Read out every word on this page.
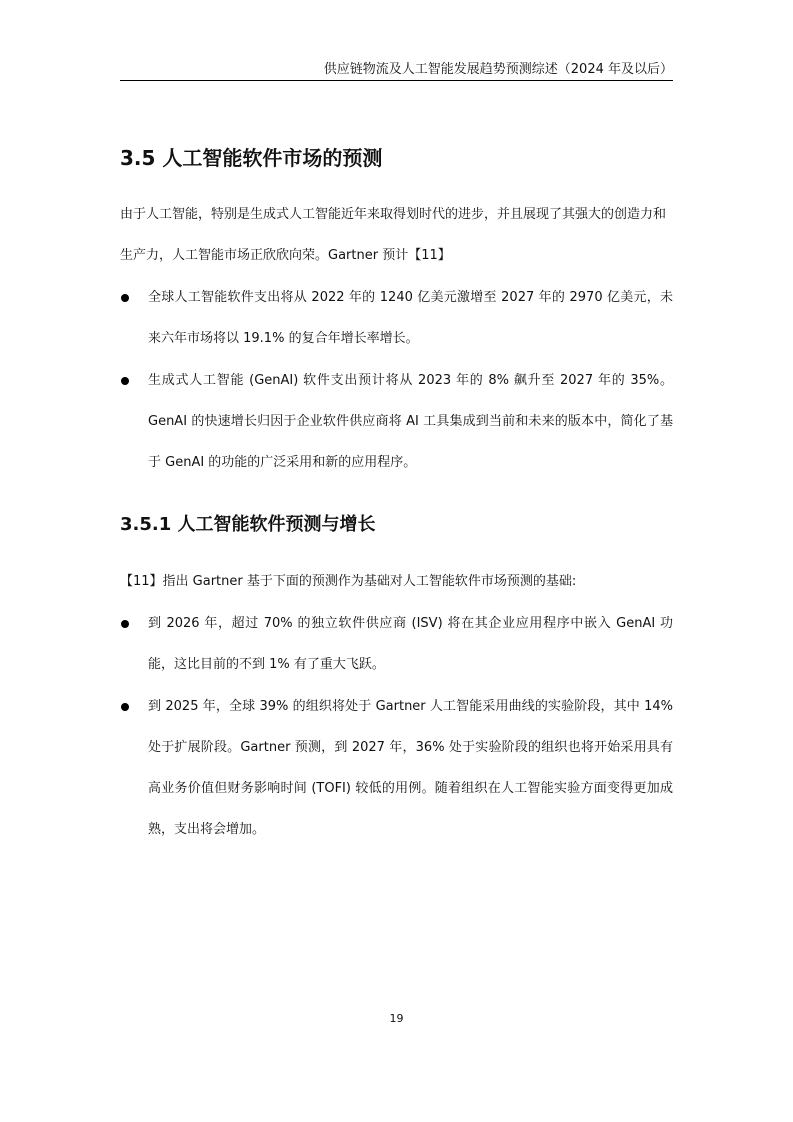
供应链物流及人工智能发展趋势预测综述（2024 年及以后）
3.5 人工智能软件市场的预测

由于人工智能，特别是生成式人工智能近年来取得划时代的进步，并且展现了其强大的创造力和生产力，人工智能市场正欣欣向荣。Gartner 预计【11】

全球人工智能软件支出将从 2022 年的 1240 亿美元激增至 2027 年的 2970 亿美元，未来六年市场将以 19.1% 的复合年增长率增长。
生成式人工智能 (GenAI) 软件支出预计将从 2023 年的 8% 飙升至 2027 年的 35%。GenAI 的快速增长归因于企业软件供应商将 AI 工具集成到当前和未来的版本中，简化了基于 GenAI 的功能的广泛采用和新的应用程序。
3.5.1 人工智能软件预测与增长

【11】指出 Gartner 基于下面的预测作为基础对人工智能软件市场预测的基础:

到 2026 年，超过 70% 的独立软件供应商 (ISV) 将在其企业应用程序中嵌入 GenAI 功能，这比目前的不到 1% 有了重大飞跃。
到 2025 年，全球 39% 的组织将处于 Gartner 人工智能采用曲线的实验阶段，其中 14% 处于扩展阶段。Gartner 预测，到 2027 年，36% 处于实验阶段的组织也将开始采用具有高业务价值但财务影响时间 (TOFI) 较低的用例。随着组织在人工智能实验方面变得更加成熟，支出将会增加。
19
